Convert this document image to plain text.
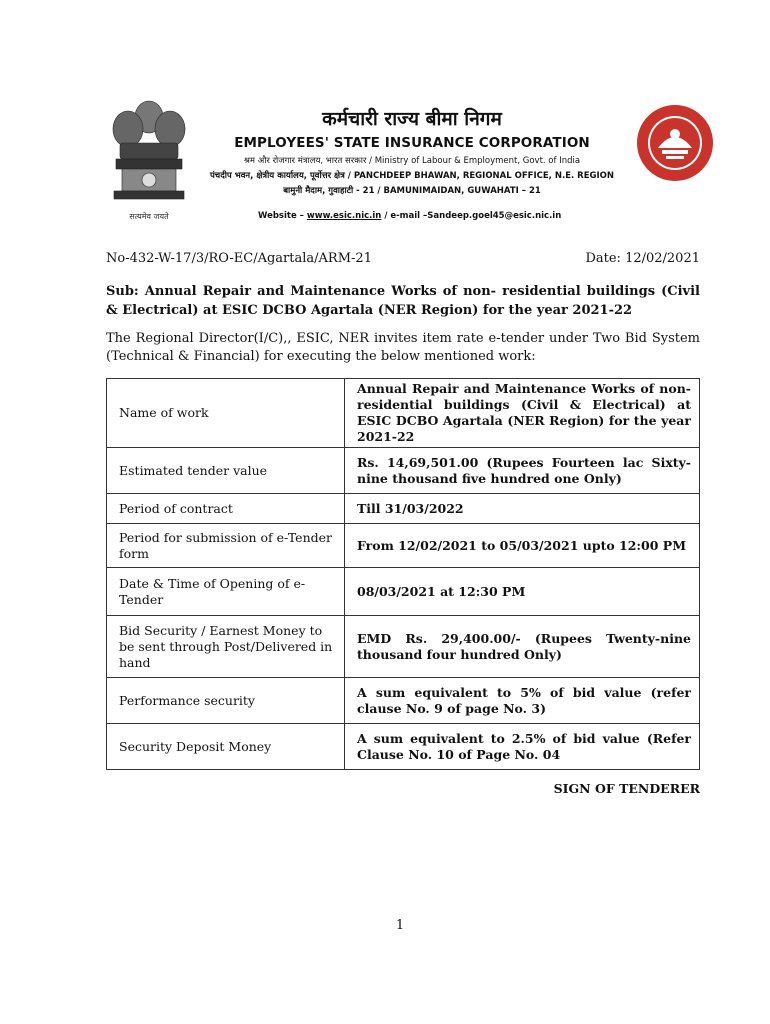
सत्यमेव जयते

कर्मचारी राज्य बीमा निगम

EMPLOYEES' STATE INSURANCE CORPORATION

श्रम और रोजगार मंत्रालय, भारत सरकार / Ministry of Labour & Employment, Govt. of India

पंचदीप भवन, क्षेत्रीय कार्यालय, पूर्वोत्तर क्षेत्र / PANCHDEEP BHAWAN, REGIONAL OFFICE, N.E. REGION

बामुनी मैदाम, गुवाहाटी - 21 / BAMUNIMAIDAN, GUWAHATI – 21

Website – www.esic.nic.in / e-mail –Sandeep.goel45@esic.nic.in
No-432-W-17/3/RO-EC/Agartala/ARM-21	Date: 12/02/2021
Sub: Annual Repair and Maintenance Works of non- residential buildings (Civil & Electrical) at ESIC DCBO Agartala (NER Region) for the year 2021-22
The Regional Director(I/C),, ESIC, NER invites item rate e-tender under Two Bid System (Technical & Financial) for executing the below mentioned work:
Name of work	Annual Repair and Maintenance Works of non-residential buildings (Civil & Electrical) at ESIC DCBO Agartala (NER Region) for the year 2021-22
Estimated tender value	Rs. 14,69,501.00 (Rupees Fourteen lac Sixty-nine thousand five hundred one Only)
Period of contract	Till 31/03/2022
Period for submission of e-Tender form	From 12/02/2021 to 05/03/2021 upto 12:00 PM
Date & Time of Opening of e-Tender	08/03/2021 at 12:30 PM
Bid Security / Earnest Money to be sent through Post/Delivered in hand	EMD Rs. 29,400.00/- (Rupees Twenty-nine thousand four hundred Only)
Performance security	A sum equivalent to 5% of bid value (refer clause No. 9 of page No. 3)
Security Deposit Money	A sum equivalent to 2.5% of bid value (Refer Clause No. 10 of Page No. 04
SIGN OF TENDERER
1
